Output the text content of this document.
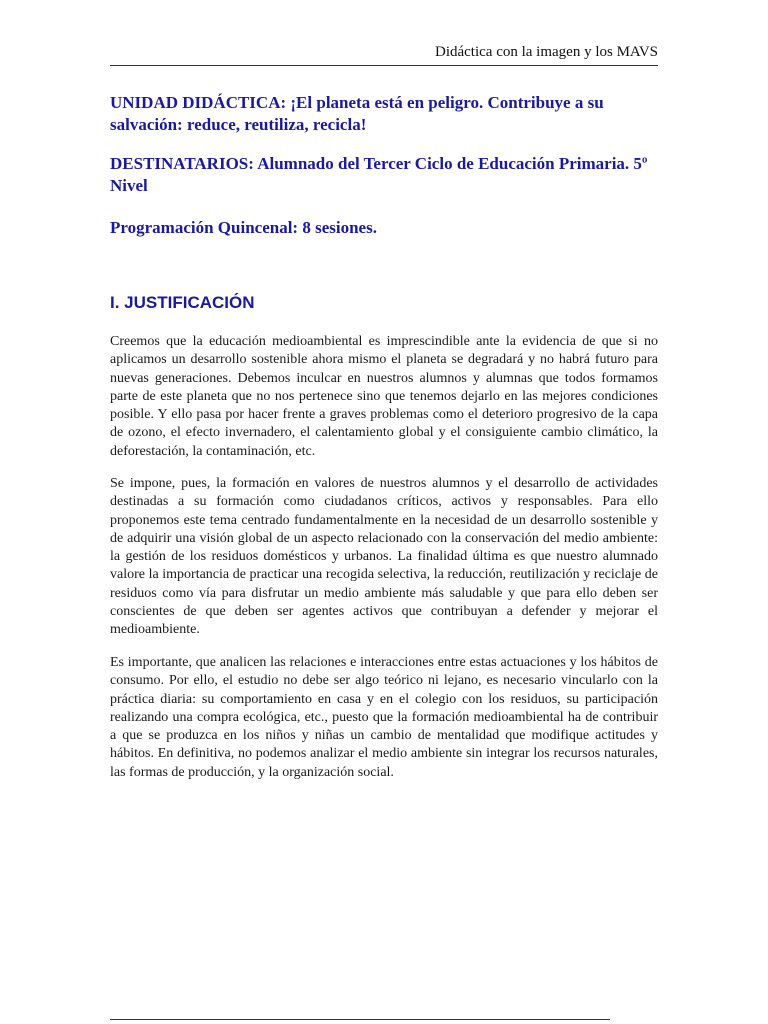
Didáctica con la imagen y los MAVS
UNIDAD DIDÁCTICA: ¡El planeta está en peligro. Contribuye a su salvación: reduce, reutiliza, recicla!
DESTINATARIOS: Alumnado del Tercer Ciclo de Educación Primaria. 5º Nivel
Programación Quincenal: 8 sesiones.
I. JUSTIFICACIÓN

Creemos que la educación medioambiental es imprescindible ante la evidencia de que si no aplicamos un desarrollo sostenible ahora mismo el planeta se degradará y no habrá futuro para nuevas generaciones. Debemos inculcar en nuestros alumnos y alumnas que todos formamos parte de este planeta que no nos pertenece sino que tenemos dejarlo en las mejores condiciones posible. Y ello pasa por hacer frente a graves problemas como el deterioro progresivo de la capa de ozono, el efecto invernadero, el calentamiento global y el consiguiente cambio climático, la deforestación, la contaminación, etc.

Se impone, pues, la formación en valores de nuestros alumnos y el desarrollo de actividades destinadas a su formación como ciudadanos críticos, activos y responsables. Para ello proponemos este tema centrado fundamentalmente en la necesidad de un desarrollo sostenible y de adquirir una visión global de un aspecto relacionado con la conservación del medio ambiente: la gestión de los residuos domésticos y urbanos. La finalidad última es que nuestro alumnado valore la importancia de practicar una recogida selectiva, la reducción, reutilización y reciclaje de residuos como vía para disfrutar un medio ambiente más saludable y que para ello deben ser conscientes de que deben ser agentes activos que contribuyan a defender y mejorar el medioambiente.

Es importante, que analicen las relaciones e interacciones entre estas actuaciones y los hábitos de consumo. Por ello, el estudio no debe ser algo teórico ni lejano, es necesario vincularlo con la práctica diaria: su comportamiento en casa y en el colegio con los residuos, su participación realizando una compra ecológica, etc., puesto que la formación medioambiental ha de contribuir a que se produzca en los niños y niñas un cambio de mentalidad que modifique actitudes y hábitos. En definitiva, no podemos analizar el medio ambiente sin integrar los recursos naturales, las formas de producción, y la organización social.
